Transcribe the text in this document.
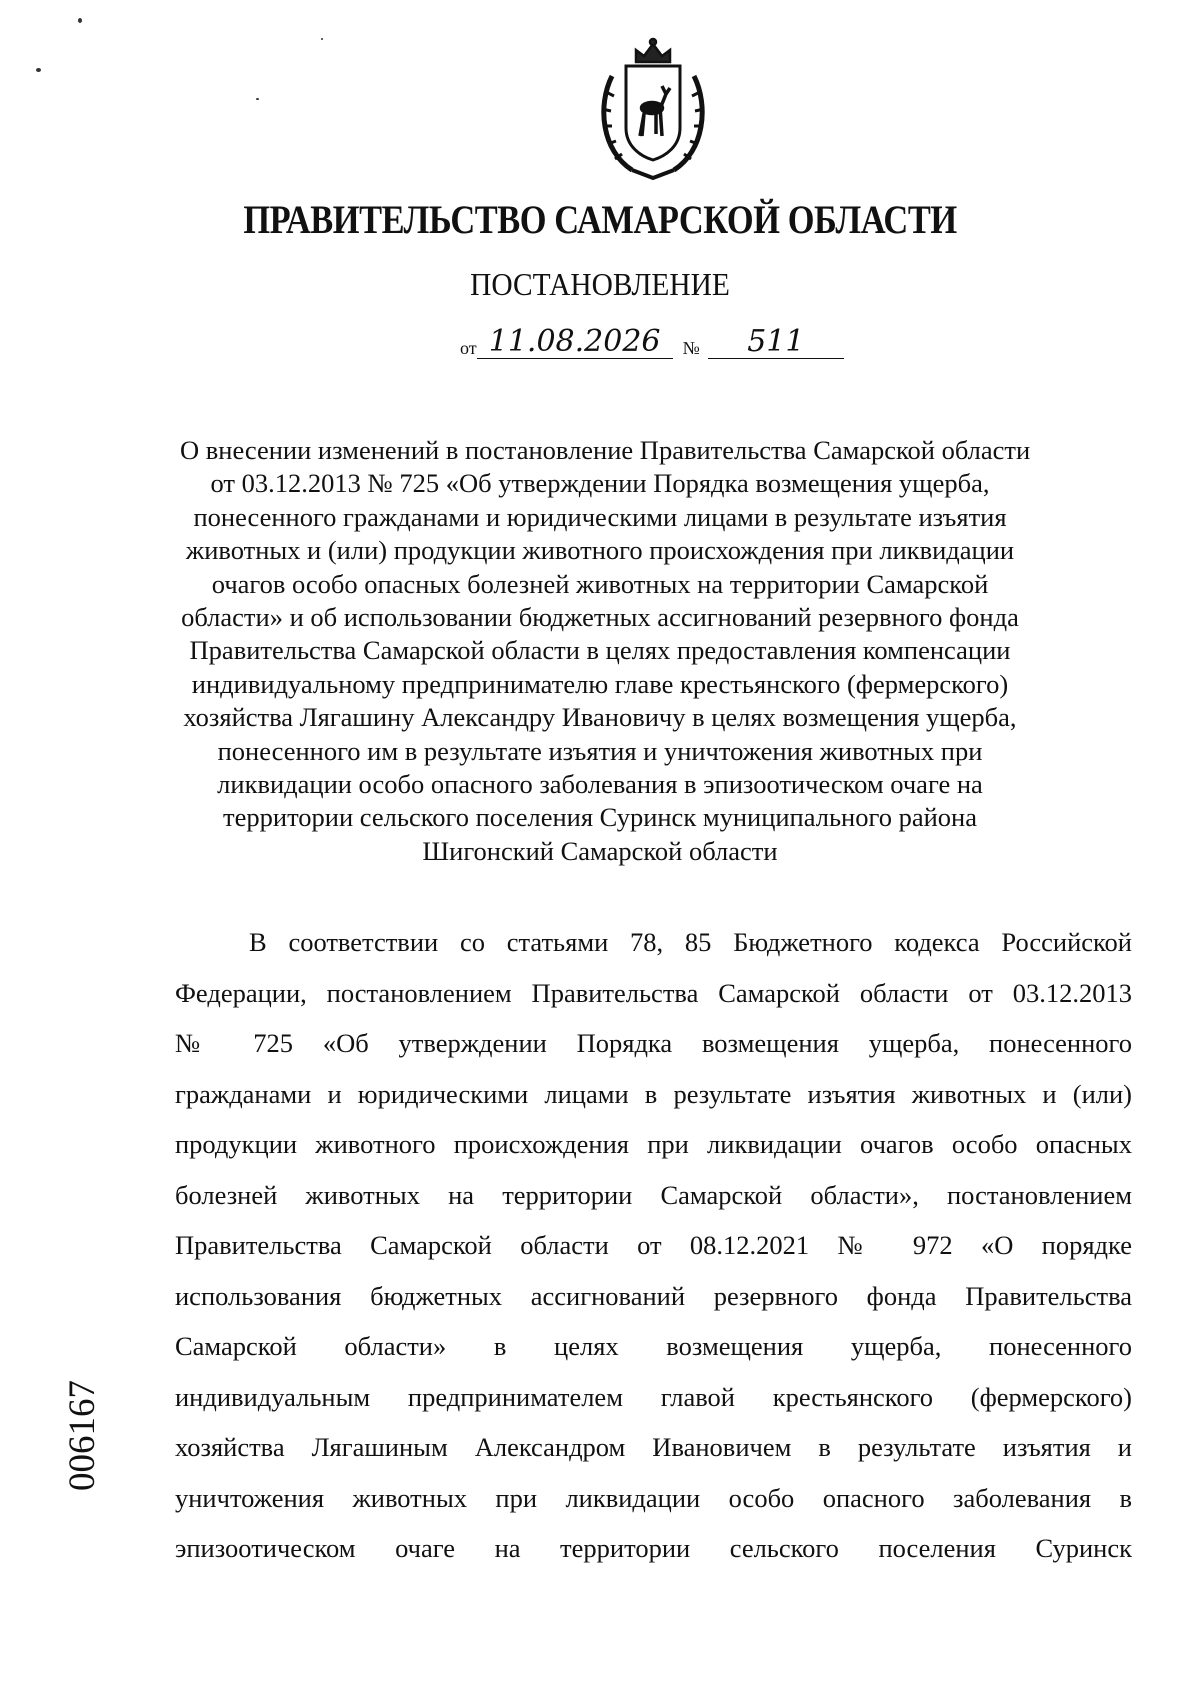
ПРАВИТЕЛЬСТВО САМАРСКОЙ ОБЛАСТИ
ПОСТАНОВЛЕНИЕ
от 11.08.2026 № 511
О внесении изменений в постановление Правительства Самарской области
от 03.12.2013 № 725 «Об утверждении Порядка возмещения ущерба,
понесенного гражданами и юридическими лицами в результате изъятия
животных и (или) продукции животного происхождения при ликвидации
очагов особо опасных болезней животных на территории Самарской
области» и об использовании бюджетных ассигнований резервного фонда
Правительства Самарской области в целях предоставления компенсации
индивидуальному предпринимателю главе крестьянского (фермерского)
хозяйства Лягашину Александру Ивановичу в целях возмещения ущерба,
понесенного им в результате изъятия и уничтожения животных при
ликвидации особо опасного заболевания в эпизоотическом очаге на
территории сельского поселения Суринск муниципального района
Шигонский Самарской области
В соответствии со статьями 78, 85 Бюджетного кодекса Российской
Федерации, постановлением Правительства Самарской области от 03.12.2013
№ 725 «Об утверждении Порядка возмещения ущерба, понесенного
гражданами и юридическими лицами в результате изъятия животных и (или)
продукции животного происхождения при ликвидации очагов особо опасных
болезней животных на территории Самарской области», постановлением
Правительства Самарской области от 08.12.2021 № 972 «О порядке
использования бюджетных ассигнований резервного фонда Правительства
Самарской области» в целях возмещения ущерба, понесенного
индивидуальным предпринимателем главой крестьянского (фермерского)
хозяйства Лягашиным Александром Ивановичем в результате изъятия и
уничтожения животных при ликвидации особо опасного заболевания в
эпизоотическом очаге на территории сельского поселения Суринск
006167
